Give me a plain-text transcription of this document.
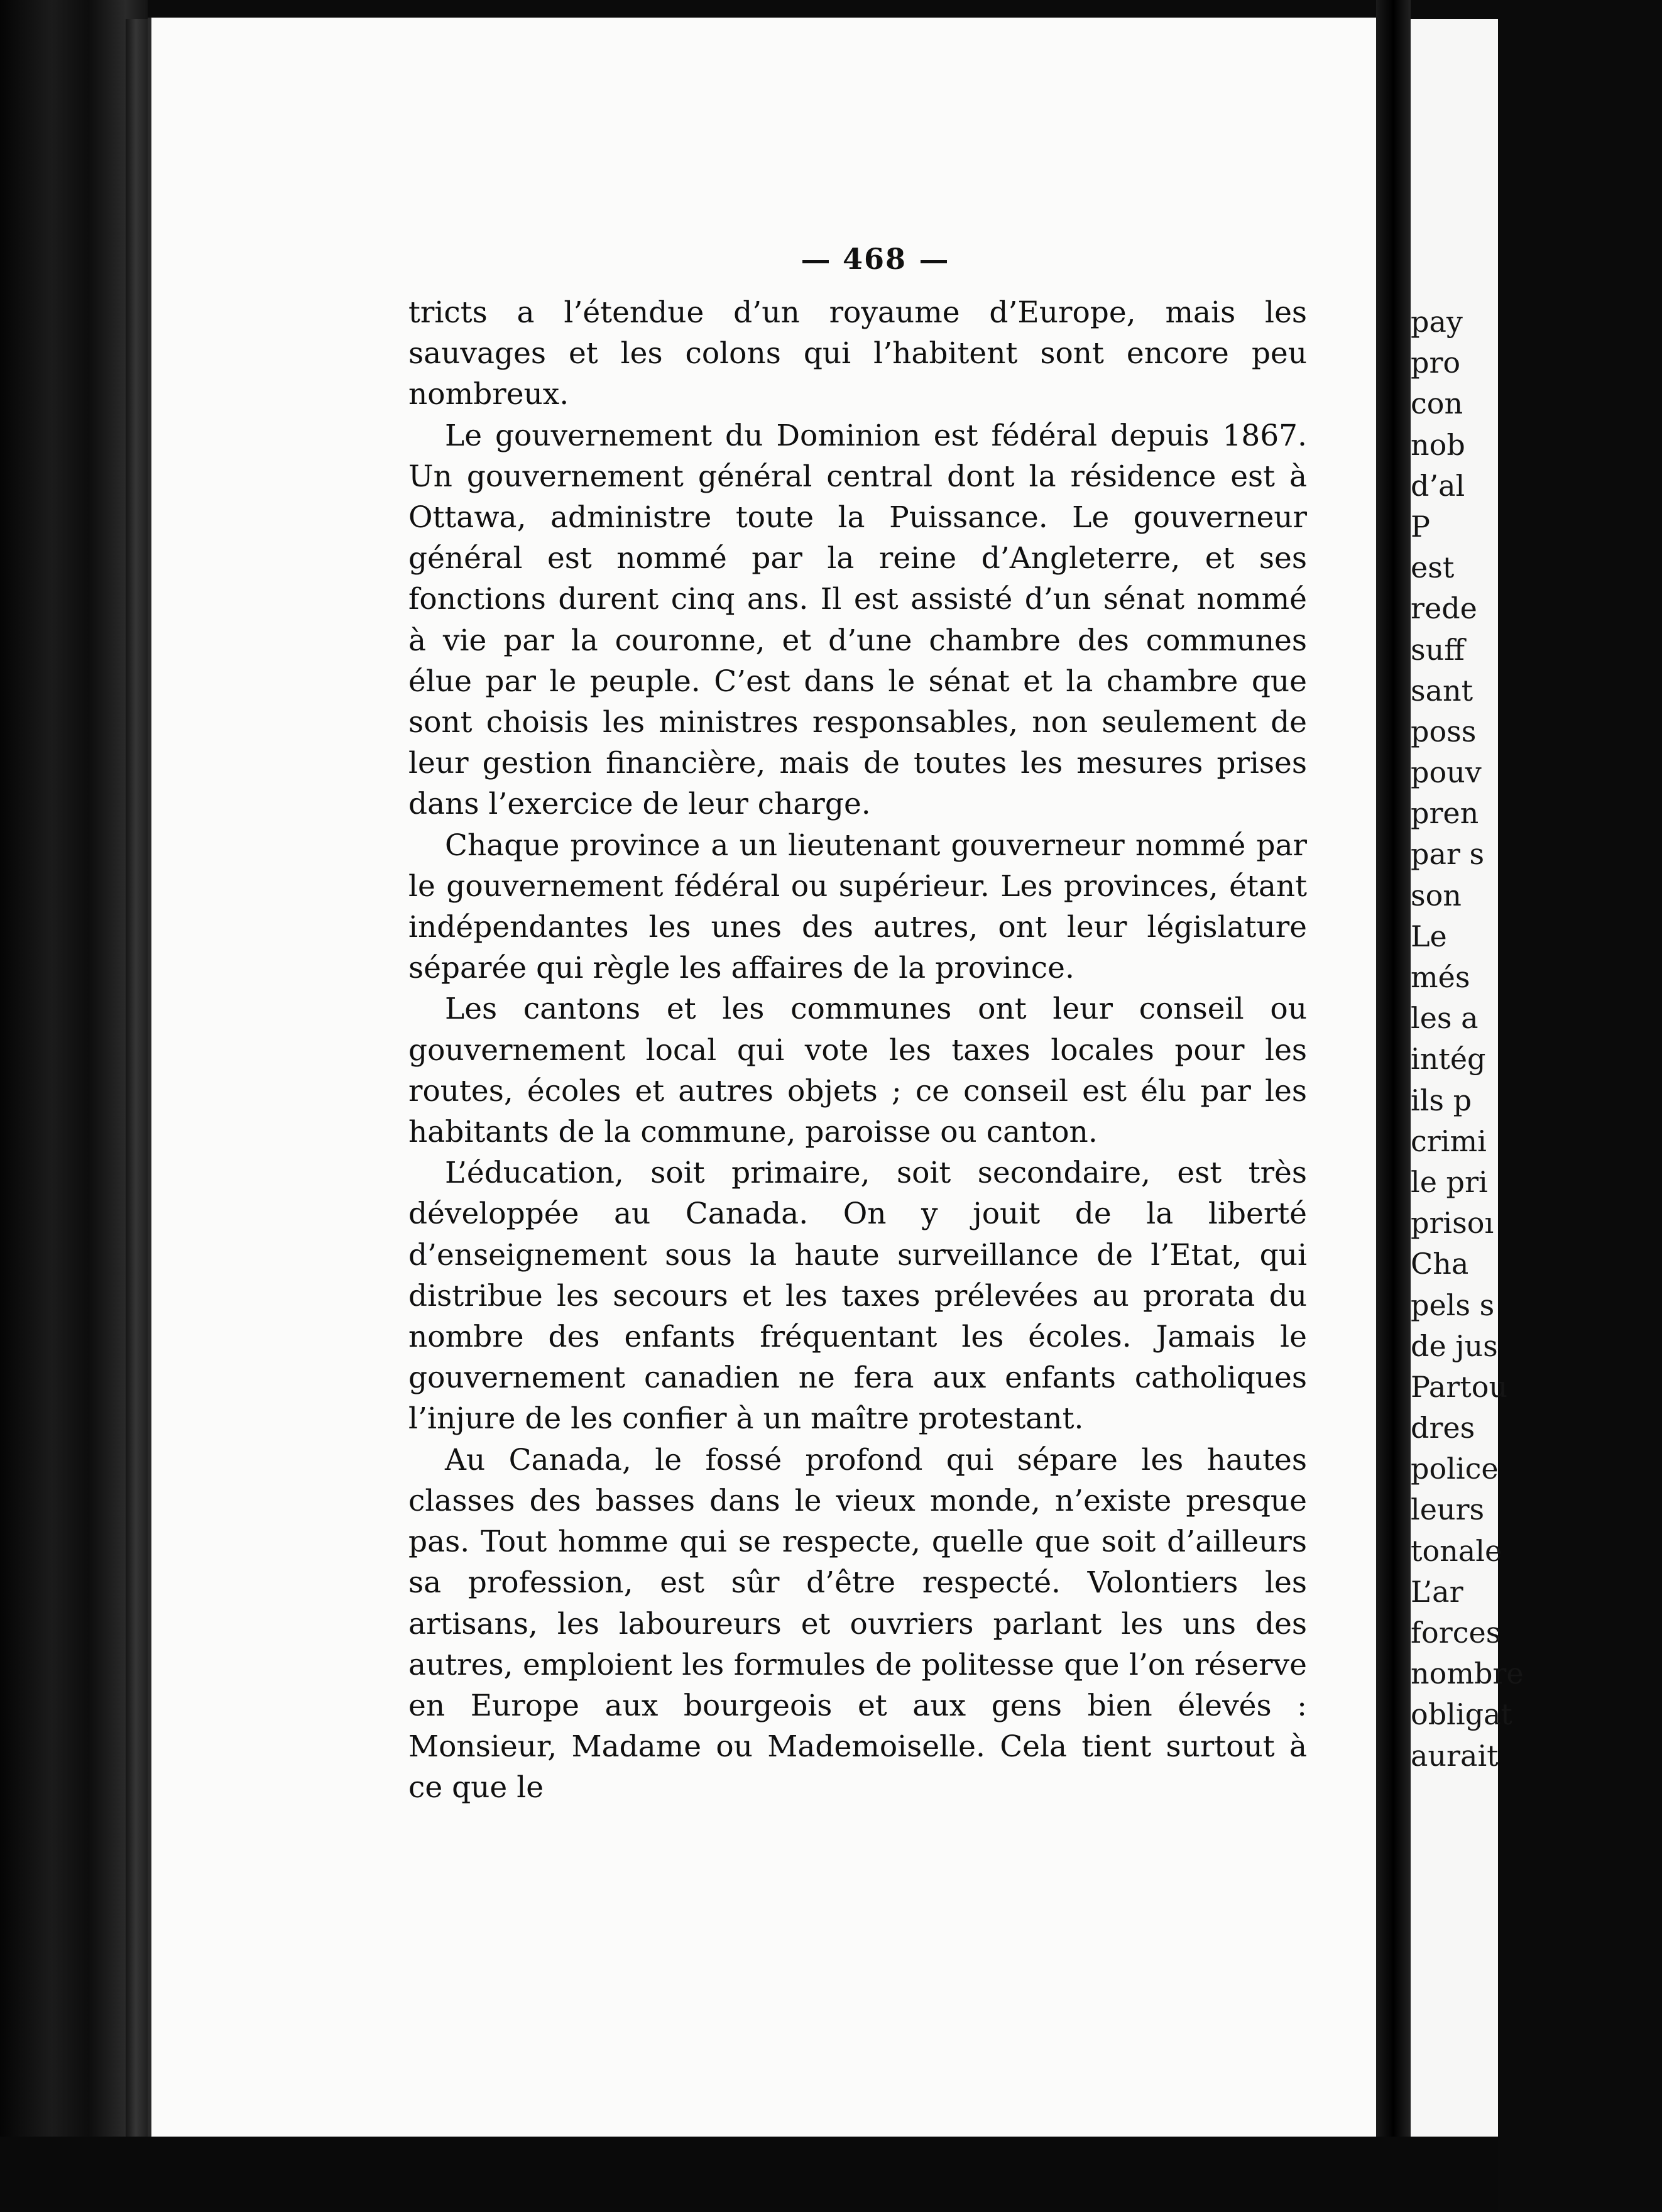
468

tricts a l’étendue d’un royaume d’Europe, mais les sauvages et les colons qui l’habitent sont encore peu nombreux.

Le gouvernement du Dominion est fédéral depuis 1867. Un gouvernement général central dont la résidence est à Ottawa, administre toute la Puissance. Le gouverneur général est nommé par la reine d’Angleterre, et ses fonctions durent cinq ans. Il est assisté d’un sénat nommé à vie par la couronne, et d’une chambre des communes élue par le peuple. C’est dans le sénat et la chambre que sont choisis les ministres responsables, non seulement de leur gestion financière, mais de toutes les mesures prises dans l’exercice de leur charge.

Chaque province a un lieutenant gouverneur nommé par le gouvernement fédéral ou supérieur. Les provinces, étant indépendantes les unes des autres, ont leur législature séparée qui règle les affaires de la province.

Les cantons et les communes ont leur conseil ou gouvernement local qui vote les taxes locales pour les routes, écoles et autres objets ; ce conseil est élu par les habitants de la commune, paroisse ou canton.

L’éducation, soit primaire, soit secondaire, est très développée au Canada. On y jouit de la liberté d’enseignement sous la haute surveillance de l’Etat, qui distribue les secours et les taxes prélevées au prorata du nombre des enfants fréquentant les écoles. Jamais le gouvernement canadien ne fera aux enfants catholiques l’injure de les confier à un maître protestant.

Au Canada, le fossé profond qui sépare les hautes classes des basses dans le vieux monde, n’existe presque pas. Tout homme qui se respecte, quelle que soit d’ailleurs sa profession, est sûr d’être respecté. Volontiers les artisans, les laboureurs et ouvriers parlant les uns des autres, emploient les formules de politesse que l’on réserve en Europe aux bourgeois et aux gens bien élevés : Monsieur, Madame ou Mademoiselle. Cela tient surtout à ce que le

pay
pro
con
nob
d’al
P
est
rede
suff
sant
poss
pouv
pren
par s
son
Le
més
les a
intég
ils p
crimi
le pri
prisoı
Cha
pels s
de jus
Partou
dres
police
leurs
tonale
L’ar
forces
nombre
obligat
aurait
